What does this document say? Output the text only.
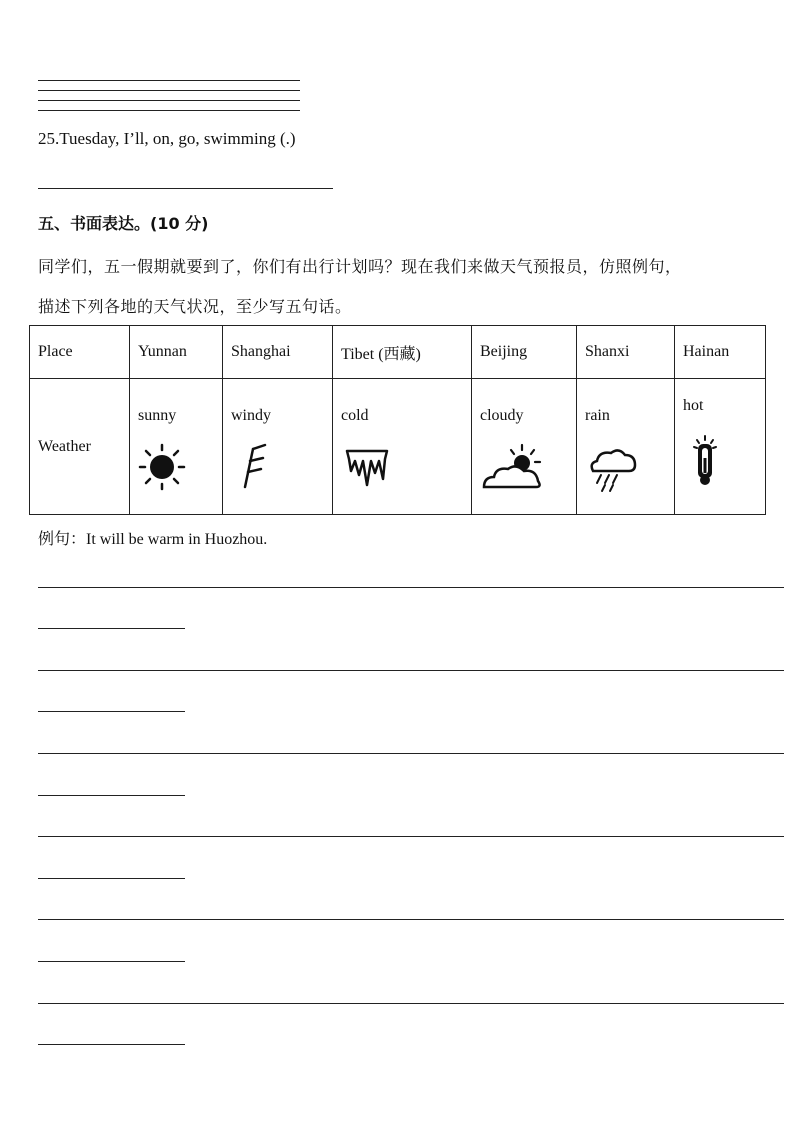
25.Tuesday, I’ll, on, go, swimming (.)
五、书面表达。(10 分)
同学们，五一假期就要到了，你们有出行计划吗？现在我们来做天气预报员，仿照例句，
描述下列各地的天气状况，至少写五句话。
Place	Yunnan	Shanghai	Tibet (西藏)	Beijing	Shanxi	Hainan
Weather	sunny	windy	cold	cloudy	rain	hot
例句：It will be warm in Huozhou.
